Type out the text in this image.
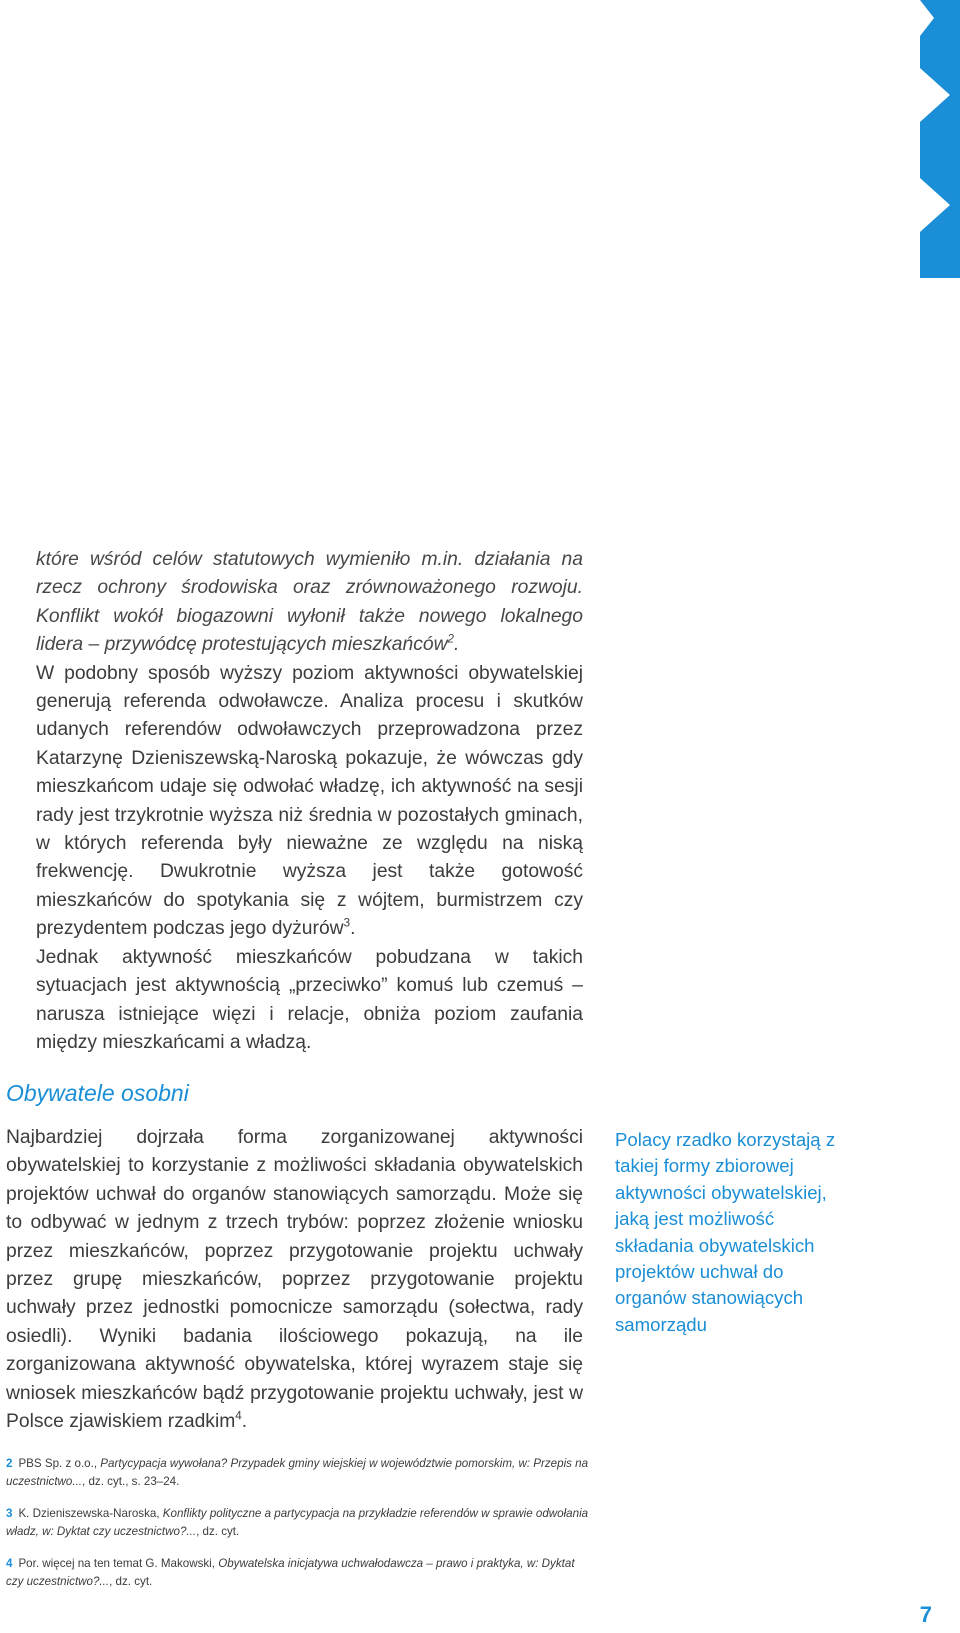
które wśród celów statutowych wymieniło m.in. działania na rzecz ochrony środowiska oraz zrównoważonego rozwoju. Konflikt wokół biogazowni wyłonił także nowego lokalnego lidera – przywódcę protestujących mieszkańców$^2$.

W podobny sposób wyższy poziom aktywności obywatelskiej generują referenda odwoławcze. Analiza procesu i skutków udanych referendów odwoławczych przeprowadzona przez Katarzynę Dzieniszewską-Naroską pokazuje, że wówczas gdy mieszkańcom udaje się odwołać władzę, ich aktywność na sesji rady jest trzykrotnie wyższa niż średnia w pozostałych gminach, w których referenda były nieważne ze względu na niską frekwencję. Dwukrotnie wyższa jest także gotowość mieszkańców do spotykania się z wójtem, burmistrzem czy prezydentem podczas jego dyżurów$^3$.

Jednak aktywność mieszkańców pobudzana w takich sytuacjach jest aktywnością „przeciwko” komuś lub czemuś – narusza istniejące więzi i relacje, obniża poziom zaufania między mieszkańcami a władzą.

Obywatele osobni

Najbardziej dojrzała forma zorganizowanej aktywności obywatelskiej to korzystanie z możliwości składania obywatelskich projektów uchwał do organów stanowiących samorządu. Może się to odbywać w jednym z trzech trybów: poprzez złożenie wniosku przez mieszkańców, poprzez przygotowanie projektu uchwały przez grupę mieszkańców, poprzez przygotowanie projektu uchwały przez jednostki pomocnicze samorządu (sołectwa, rady osiedli). Wyniki badania ilościowego pokazują, na ile zorganizowana aktywność obywatelska, której wyrazem staje się wniosek mieszkańców bądź przygotowanie projektu uchwały, jest w Polsce zjawiskiem rzadkim$^4$.

Polacy rzadko korzystają z takiej formy zbiorowej aktywności obywatelskiej, jaką jest możliwość składania obywatelskich projektów uchwał do organów stanowiących samorządu

2 PBS Sp. z o.o., Partycypacja wywołana? Przypadek gminy wiejskiej w województwie pomorskim, w: Przepis na uczestnictwo..., dz. cyt., s. 23–24.

3 K. Dzieniszewska-Naroska, Konflikty polityczne a partycypacja na przykładzie referendów w sprawie odwołania władz, w: Dyktat czy uczestnictwo?..., dz. cyt.

4 Por. więcej na ten temat G. Makowski, Obywatelska inicjatywa uchwałodawcza – prawo i praktyka, w: Dyktat czy uczestnictwo?..., dz. cyt.

7
